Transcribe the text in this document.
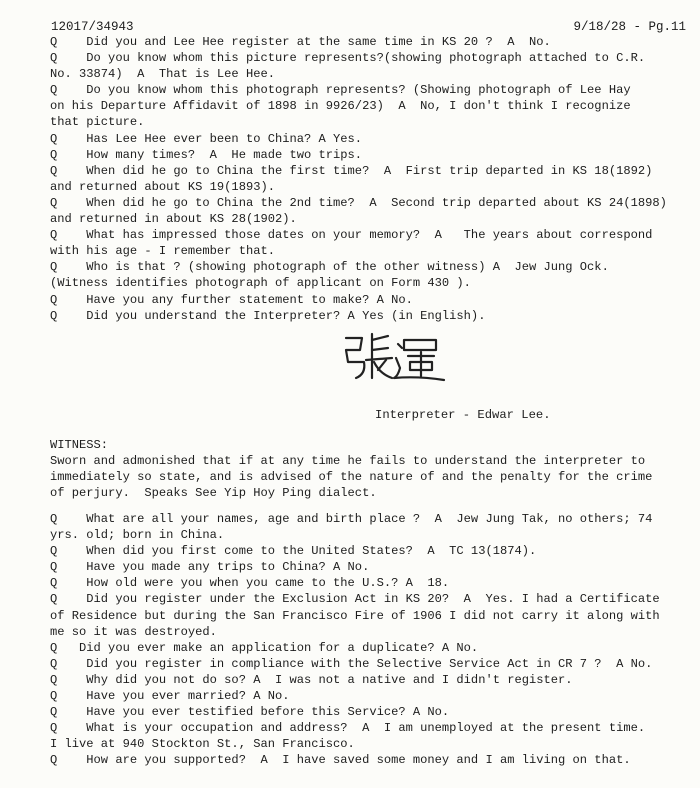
12017/34943	9/18/28 - Pg.11
Q    Did you and Lee Hee register at the same time in KS 20 ?  A  No.
Q    Do you know whom this picture represents?(showing photograph attached to C.R.
No. 33874)  A  That is Lee Hee.
Q    Do you know whom this photograph represents? (Showing photograph of Lee Hay
on his Departure Affidavit of 1898 in 9926/23)  A  No, I don't think I recognize
that picture.
Q    Has Lee Hee ever been to China? A Yes.
Q    How many times?  A  He made two trips.
Q    When did he go to China the first time?  A  First trip departed in KS 18(1892)
and returned about KS 19(1893).
Q    When did he go to China the 2nd time?  A  Second trip departed about KS 24(1898)
and returned in about KS 28(1902).
Q    What has impressed those dates on your memory?  A   The years about correspond
with his age - I remember that.
Q    Who is that ? (showing photograph of the other witness) A  Jew Jung Ock.
(Witness identifies photograph of applicant on Form 430 ).
Q    Have you any further statement to make? A No.
Q    Did you understand the Interpreter? A Yes (in English).
Interpreter - Edwar Lee.
WITNESS:
Sworn and admonished that if at any time he fails to understand the interpreter to
immediately so state, and is advised of the nature of and the penalty for the crime
of perjury.  Speaks See Yip Hoy Ping dialect.
Q    What are all your names, age and birth place ?  A  Jew Jung Tak, no others; 74
yrs. old; born in China.
Q    When did you first come to the United States?  A  TC 13(1874).
Q    Have you made any trips to China? A No.
Q    How old were you when you came to the U.S.? A  18.
Q    Did you register under the Exclusion Act in KS 20?  A  Yes. I had a Certificate
of Residence but during the San Francisco Fire of 1906 I did not carry it along with
me so it was destroyed.
Q   Did you ever make an application for a duplicate? A No.
Q    Did you register in compliance with the Selective Service Act in CR 7 ?  A No.
Q    Why did you not do so? A  I was not a native and I didn't register.
Q    Have you ever married? A No.
Q    Have you ever testified before this Service? A No.
Q    What is your occupation and address?  A  I am unemployed at the present time.
I live at 940 Stockton St., San Francisco.
Q    How are you supported?  A  I have saved some money and I am living on that.
